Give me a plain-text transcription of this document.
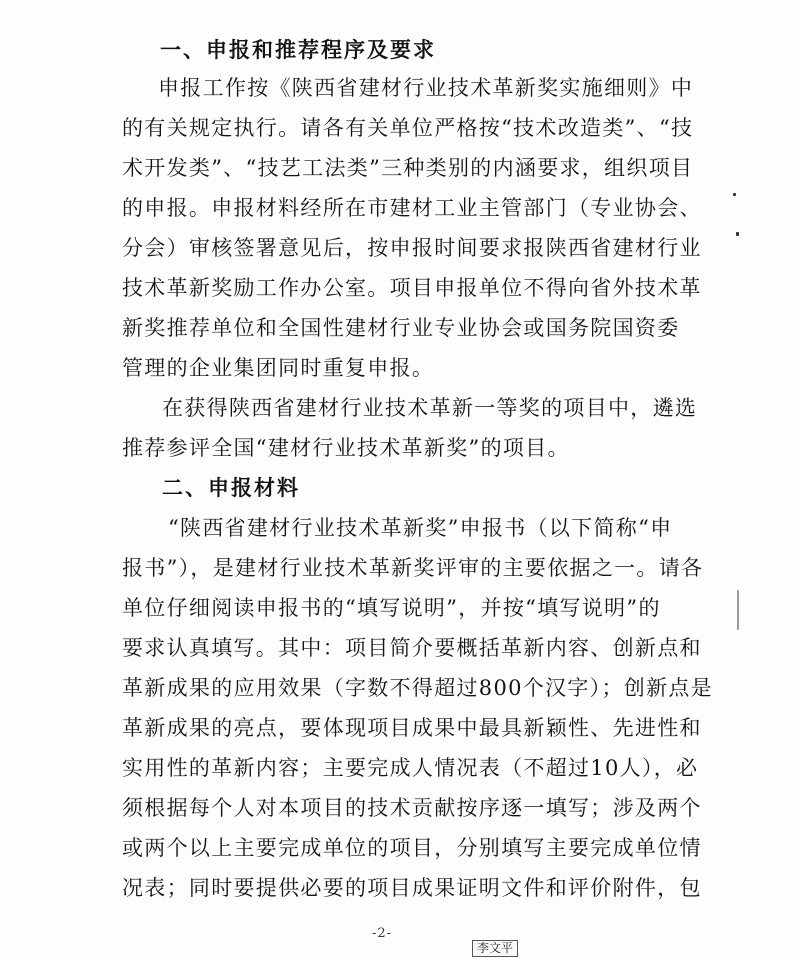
一、申报和推荐程序及要求
申报工作按《陕西省建材行业技术革新奖实施细则》中
的有关规定执行。请各有关单位严格按“技术改造类”、“技
术开发类”、“技艺工法类”三种类别的内涵要求，组织项目
的申报。申报材料经所在市建材工业主管部门（专业协会、
分会）审核签署意见后，按申报时间要求报陕西省建材行业
技术革新奖励工作办公室。项目申报单位不得向省外技术革
新奖推荐单位和全国性建材行业专业协会或国务院国资委
管理的企业集团同时重复申报。
在获得陕西省建材行业技术革新一等奖的项目中，遴选
推荐参评全国“建材行业技术革新奖”的项目。
二、申报材料
“陕西省建材行业技术革新奖”申报书（以下简称“申
报书”），是建材行业技术革新奖评审的主要依据之一。请各
单位仔细阅读申报书的“填写说明”，并按“填写说明”的
要求认真填写。其中：项目简介要概括革新内容、创新点和
革新成果的应用效果（字数不得超过800个汉字）；创新点是
革新成果的亮点，要体现项目成果中最具新颖性、先进性和
实用性的革新内容；主要完成人情况表（不超过10人），必
须根据每个人对本项目的技术贡献按序逐一填写；涉及两个
或两个以上主要完成单位的项目，分别填写主要完成单位情
况表；同时要提供必要的项目成果证明文件和评价附件，包
-2-
李文平
